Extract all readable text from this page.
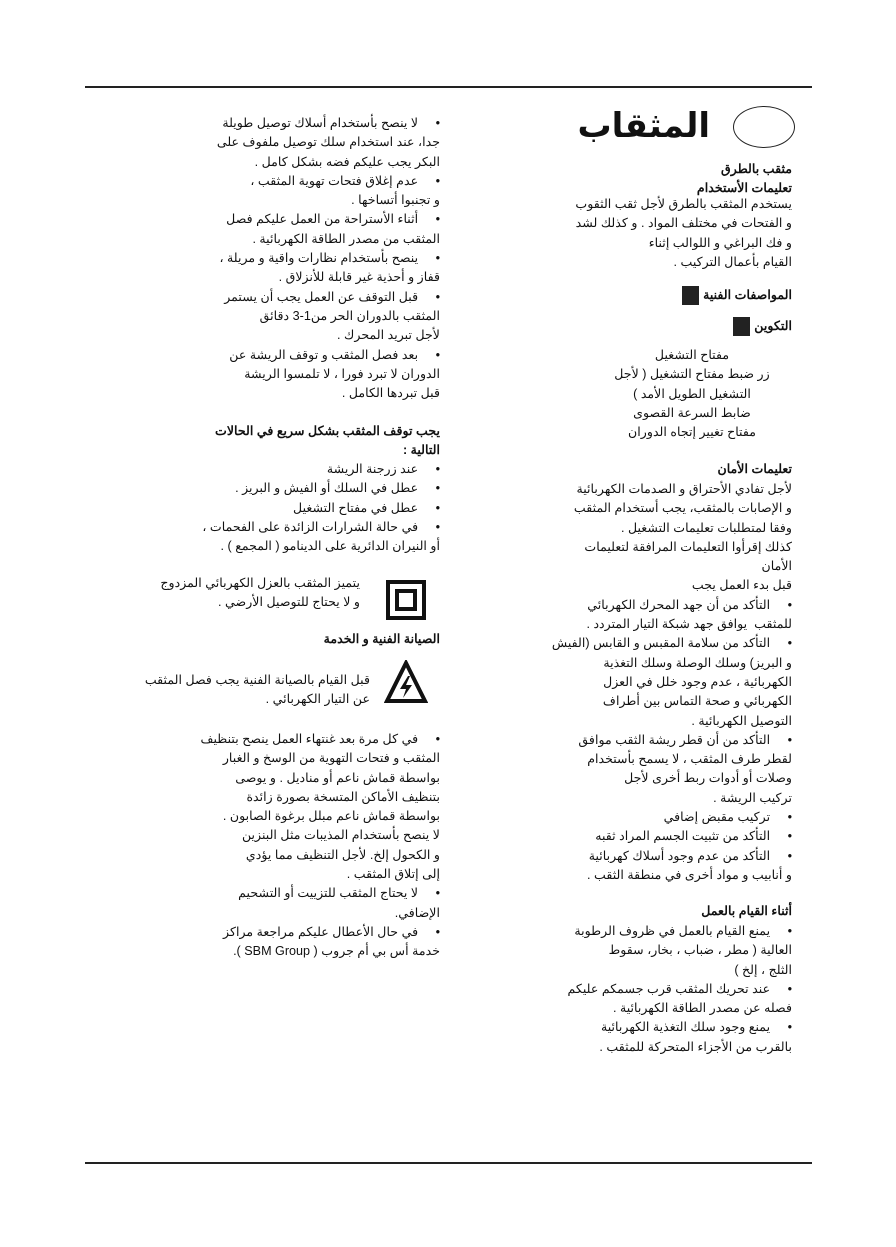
المثقاب
مثقب بالطرق
تعليمات الأستخدام
يستخدم المثقب بالطرق لأجل ثقب الثقوب
و الفتحات في مختلف المواد . و كذلك لشد
و فك البراغي و اللوالب إثناء
القيام بأعمال التركيب .
المواصفات الفنية
التكوين
مفتاح التشغيل
زر ضبط مفتاح التشغيل ( لأجل
التشغيل الطويل الأمد )
ضابط السرعة القصوى
مفتاح تغيير إتجاه الدوران
تعليمات الأمان
لأجل تفادي الأحتراق و الصدمات الكهربائية
و الإصابات بالمثقب، يجب أستخدام المثقب
وفقا لمتطلبات تعليمات التشغيل .
كذلك إقرأوا التعليمات المرافقة لتعليمات
الأمان
قبل بدء العمل يجب
•     التأكد من أن جهد المحرك الكهربائي
للمثقب  يوافق جهد شبكة التيار المتردد .
•     التأكد من سلامة المقبس و القابس (الفيش
و البريز) وسلك الوصلة وسلك التغذية
الكهربائية ، عدم وجود خلل في العزل
الكهربائي و صحة التماس بين أطراف
التوصيل الكهربائية .
•     التأكد من أن قطر ريشة الثقب موافق
لقطر طرف المثقب ، لا يسمح بأستخدام
وصلات أو أدوات ربط أخرى لأجل
تركيب الريشة .
•     تركيب مقبض إضافي
•     التأكد من تثبيت الجسم المراد ثقبه
•     التأكد من عدم وجود أسلاك كهربائية
و أنابيب و مواد أخرى في منطقة الثقب .
أثناء القيام بالعمل
•     يمنع القيام بالعمل في ظروف الرطوبة
العالية ( مطر ، ضباب ، بخار، سقوط
الثلج ، إلخ )
•     عند تحريك المثقب قرب جسمكم عليكم
فصله عن مصدر الطاقة الكهربائية .
•     يمنع وجود سلك التغذية الكهربائية
بالقرب من الأجزاء المتحركة للمثقب .
•     لا ينصح بأستخدام أسلاك توصيل طويلة
جدا، عند استخدام سلك توصيل ملفوف على
البكر يجب عليكم فضه بشكل كامل .
•     عدم إغلاق فتحات تهوية المثقب ،
و تجنبوا أتساخها .
•     أثناء الأستراحة من العمل عليكم فصل
المثقب من مصدر الطاقة الكهربائية .
•     ينصح بأستخدام نظارات واقية و مريلة ،
قفاز و أحذية غير قابلة للأنزلاق .
•     قبل التوقف عن العمل يجب أن يستمر
المثقب بالدوران الحر من1-3 دقائق
لأجل تبريد المحرك .
•     بعد فصل المثقب و توقف الريشة عن
الدوران لا تبرد فورا ، لا تلمسوا الريشة
قبل تبردها الكامل .
يجب توقف المثقب بشكل سريع في الحالات
التالية :
•     عند زرجنة الريشة
•     عطل في السلك أو الفيش و البريز .
•     عطل في مفتاح التشغيل
•     في حالة الشرارات الزائدة على الفحمات ،
أو النيران الدائرية على الدينامو ( المجمع ) .
يتميز المثقب بالعزل الكهربائي المزدوج
و لا يحتاج للتوصيل الأرضي .
الصيانة الفنية و الخدمة
قبل القيام بالصيانة الفنية يجب فصل المثقب
عن التيار الكهربائي .
•     في كل مرة بعد غنتهاء العمل ينصح بتنظيف
المثقب و فتحات التهوية من الوسخ و الغبار
بواسطة قماش ناعم أو مناديل . و يوصى
بتنظيف الأماكن المتسخة بصورة زائدة
بواسطة قماش ناعم مبلل برغوة الصابون .
لا ينصح بأستخدام المذيبات مثل البنزين
و الكحول إلخ. لأجل التنظيف مما يؤدي
إلى إتلاق المثقب .
•     لا يحتاج المثقب للتزييت أو التشحيم
الإضافي.
•     في حال الأعطال عليكم مراجعة مراكز
خدمة أس بي أم جروب ( SBM Group ).
